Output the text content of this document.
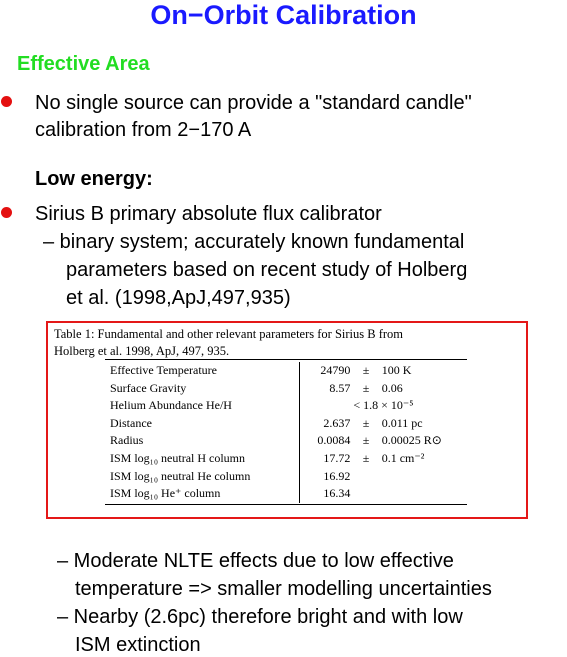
On−Orbit Calibration
Effective Area
No single source can provide a "standard candle"
calibration from 2−170 A
Low energy:
Sirius B primary absolute flux calibrator
– binary system; accurately known fundamental
parameters based on recent study of Holberg
et al. (1998,ApJ,497,935)
Table 1: Fundamental and other relevant parameters for Sirius B from
Holberg et al. 1998, ApJ, 497, 935.
Effective Temperature	24790	±	100 K
Surface Gravity	8.57	±	0.06
Helium Abundance He/H	< 1.8 × 10⁻⁵		
Distance	2.637	±	0.011 pc
Radius	0.0084	±	0.00025 R⊙
ISM log₁₀ neutral H column	17.72	±	0.1 cm⁻²
ISM log₁₀ neutral He column	16.92		
ISM log₁₀ He⁺ column	16.34		
– Moderate NLTE effects due to low effective
temperature => smaller modelling uncertainties
– Nearby (2.6pc) therefore bright and with low
ISM extinction
